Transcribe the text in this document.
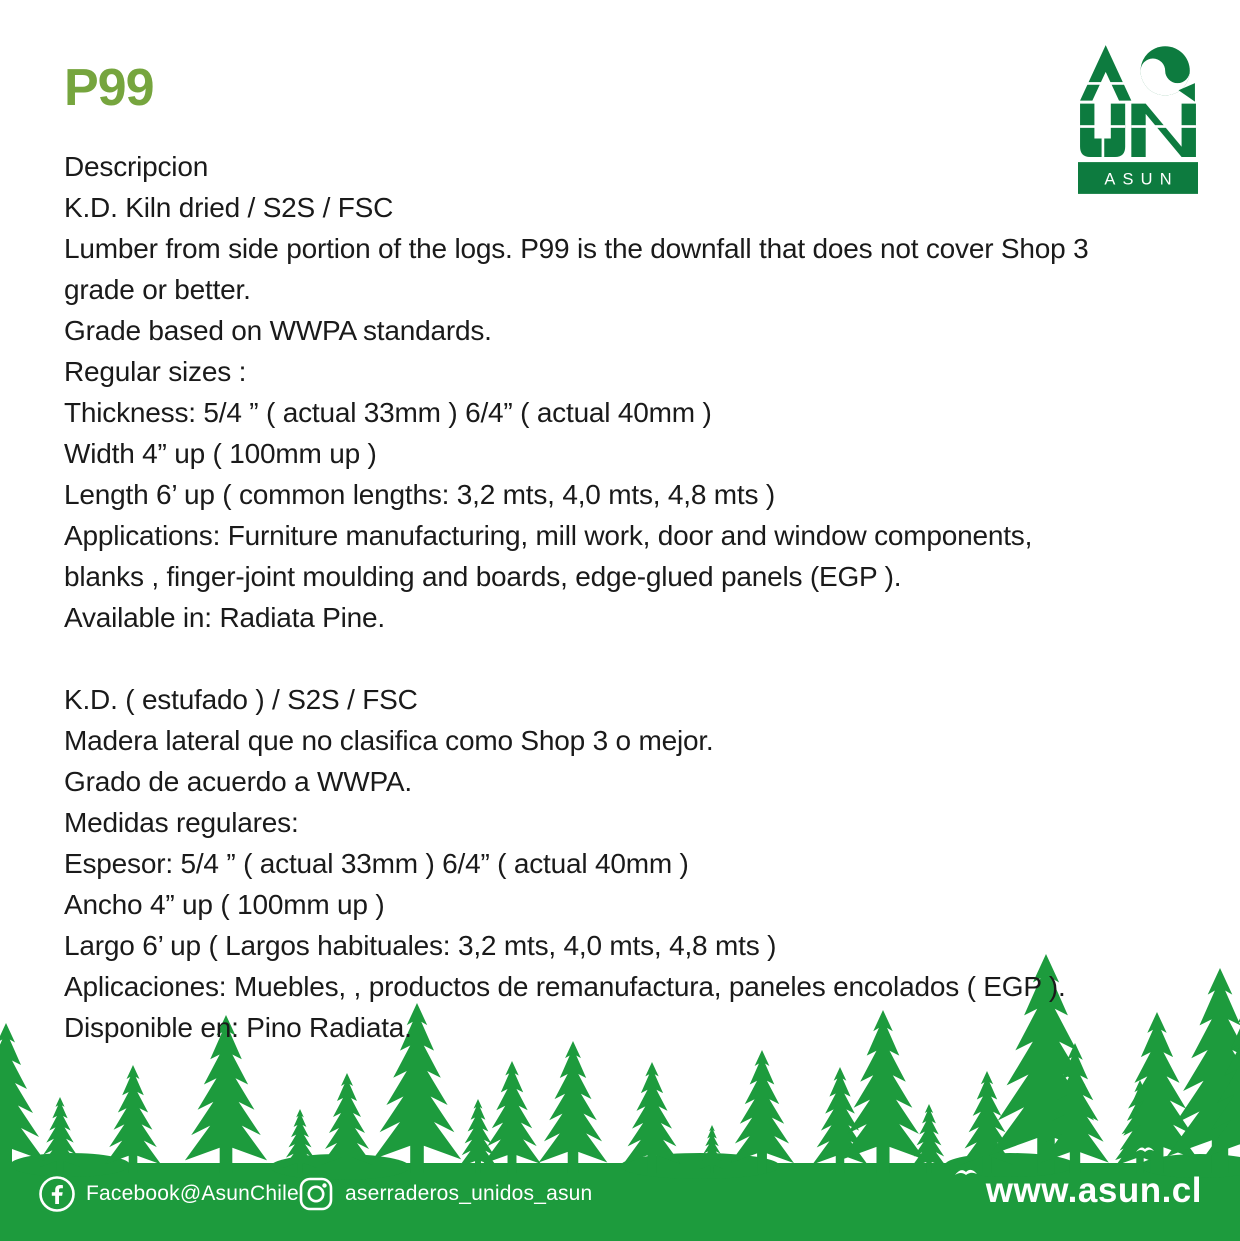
P99
ASUN
Descripcion
K.D. Kiln dried / S2S / FSC
Lumber from side portion of the logs. P99 is the downfall that does not cover Shop 3
grade or better.
Grade based on WWPA standards.
Regular sizes :
Thickness: 5/4 ” ( actual 33mm ) 6/4” ( actual 40mm )
Width 4” up ( 100mm up )
Length 6’ up ( common lengths: 3,2 mts, 4,0 mts, 4,8 mts )
Applications: Furniture manufacturing, mill work, door and window components,
blanks , finger-joint moulding and boards, edge-glued panels (EGP ).
Available in: Radiata Pine.
K.D. ( estufado ) / S2S / FSC
Madera lateral que no clasifica como Shop 3 o mejor.
Grado de acuerdo a WWPA.
Medidas regulares:
Espesor: 5/4 ” ( actual 33mm ) 6/4” ( actual 40mm )
Ancho 4” up ( 100mm up )
Largo 6’ up ( Largos habituales: 3,2 mts, 4,0 mts, 4,8 mts )
Aplicaciones: Muebles, , productos de remanufactura, paneles encolados ( EGP ).
Disponible en: Pino Radiata.
Facebook@AsunChile aserraderos_unidos_asun	www.asun.cl
